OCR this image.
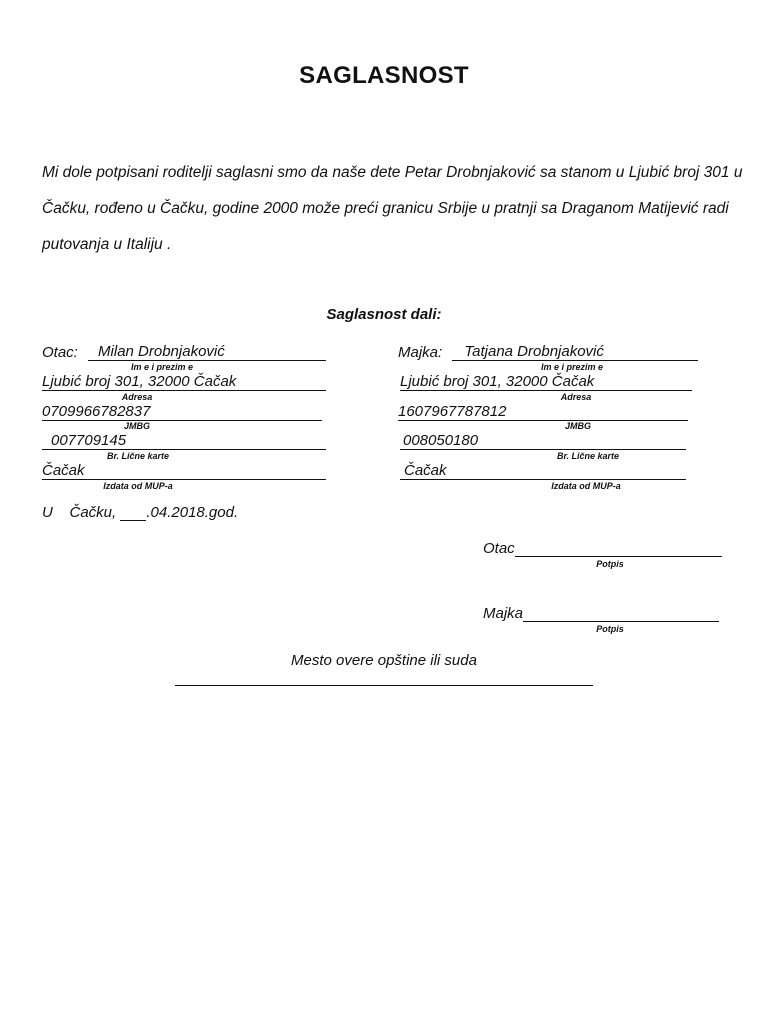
SAGLASNOST
Mi dole potpisani roditelji saglasni smo da naše dete Petar Drobnjaković sa stanom u Ljubić broj 301 u
Čačku, rođeno u Čačku, godine 2000 može preći granicu Srbije u pratnji sa Draganom Matijević radi
putovanja u Italiju .
Saglasnost dali:
Otac: Milan Drobnjaković
Im e i prezim e
Ljubić broj 301, 32000 Čačak
Adresa
0709966782837
JMBG
007709145
Br. Lične karte
Čačak
Izdata od MUP-a
Majka: Tatjana Drobnjaković
Im e i prezim e
Ljubić broj 301, 32000 Čačak
Adresa
1607967787812
JMBG
008050180
Br. Lične karte
Čačak
Izdata od MUP-a
U    Čačku, .04.2018.god.
Otac
Potpis
Majka
Potpis
Mesto overe opštine ili suda
